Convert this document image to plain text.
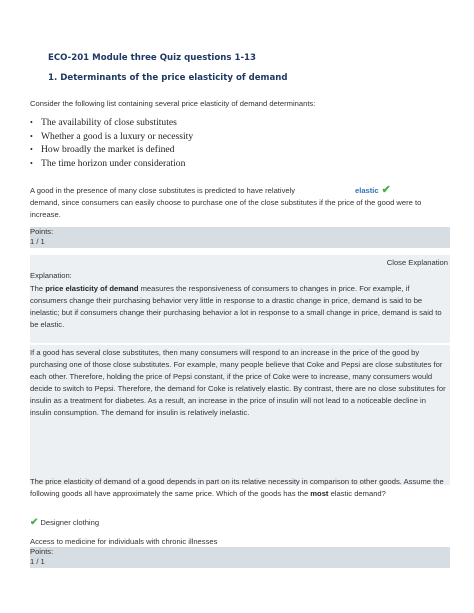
ECO-201 Module three Quiz questions 1-13
1. Determinants of the price elasticity of demand
Consider the following list containing several price elasticity of demand determinants:
• The availability of close substitutes
• Whether a good is a luxury or necessity
• How broadly the market is defined
• The time horizon under consideration
A good in the presence of many close substitutes is predicted to have relatively	elastic ✔
demand, since consumers can easily choose to purchase one of the close substitutes if the price of the good were to increase.
Points:
1 / 1
Close Explanation
Explanation:
The price elasticity of demand measures the responsiveness of consumers to changes in price. For example, if consumers change their purchasing behavior very little in response to a drastic change in price, demand is said to be inelastic; but if consumers change their purchasing behavior a lot in response to a small change in price, demand is said to be elastic.
If a good has several close substitutes, then many consumers will respond to an increase in the price of the good by purchasing one of those close substitutes. For example, many people believe that Coke and Pepsi are close substitutes for each other. Therefore, holding the price of Pepsi constant, if the price of Coke were to increase, many consumers would decide to switch to Pepsi. Therefore, the demand for Coke is relatively elastic. By contrast, there are no close substitutes for insulin as a treatment for diabetes. As a result, an increase in the price of insulin will not lead to a noticeable decline in insulin consumption. The demand for insulin is relatively inelastic.
The price elasticity of demand of a good depends in part on its relative necessity in comparison to other goods. Assume the following goods all have approximately the same price. Which of the goods has the most elastic demand?
✔ Designer clothing
Access to medicine for individuals with chronic illnesses
Points:
1 / 1
